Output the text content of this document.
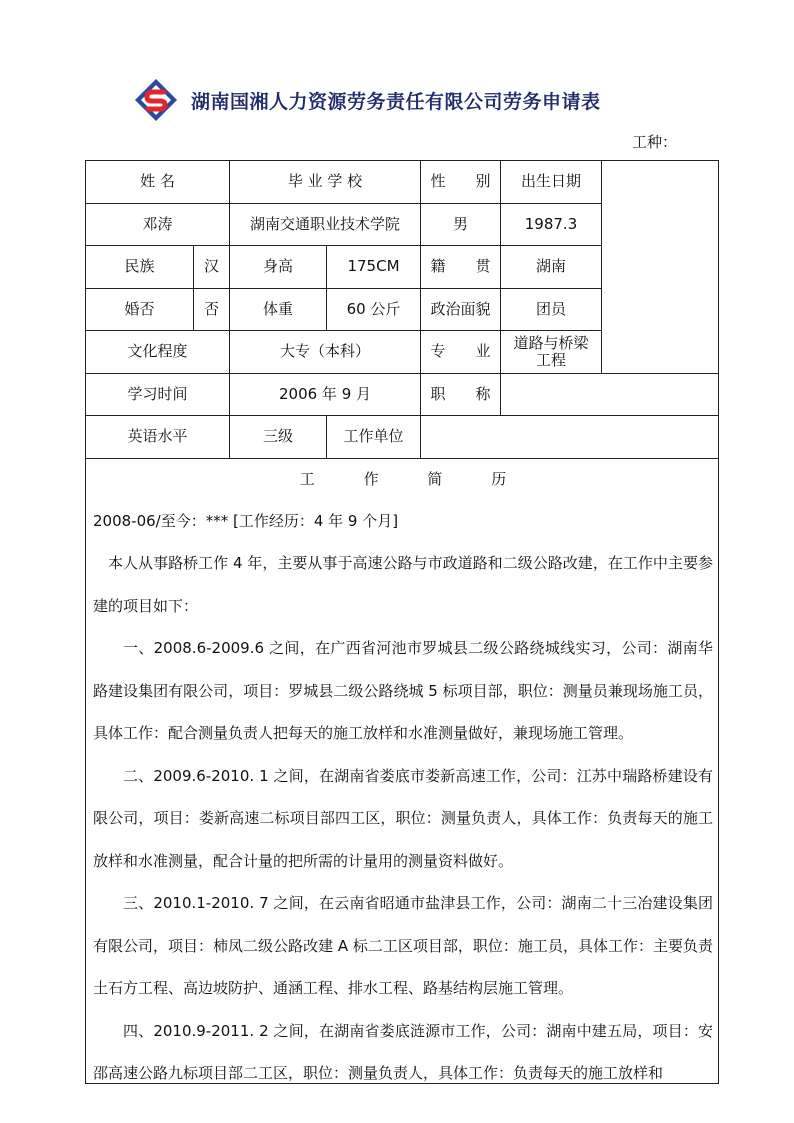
湖南国湘人力资源劳务责任有限公司劳务申请表
工种：
姓 名		毕 业 学 校		性　　别	出生日期	
邓涛		湖南交通职业技术学院		男	1987.3	
民族	汉	身高	175CM	籍　　贯	湖南	
婚否	否	体重	60 公斤	政治面貌	团员	
文化程度		大专（本科）		专　　业	道路与桥梁工程	
学习时间		2006 年 9 月		职　　称		
英语水平		三级	工作单位			
工	作	简	历
2008-06/至今：*** [工作经历：4 年 9 个月]

本人从事路桥工作 4 年，主要从事于高速公路与市政道路和二级公路改建，在工作中主要参建的项目如下：

一、2008.6-2009.6 之间，在广西省河池市罗城县二级公路绕城线实习，公司：湖南华路建设集团有限公司，项目：罗城县二级公路绕城 5 标项目部，职位：测量员兼现场施工员，具体工作：配合测量负责人把每天的施工放样和水准测量做好，兼现场施工管理。

二、2009.6-2010. 1 之间，在湖南省娄底市娄新高速工作，公司：江苏中瑞路桥建设有限公司，项目：娄新高速二标项目部四工区，职位：测量负责人，具体工作：负责每天的施工放样和水准测量，配合计量的把所需的计量用的测量资料做好。

三、2010.1-2010. 7 之间，在云南省昭通市盐津县工作，公司：湖南二十三冶建设集团有限公司，项目：柿凤二级公路改建 A 标二工区项目部，职位：施工员，具体工作：主要负责土石方工程、高边坡防护、通涵工程、排水工程、路基结构层施工管理。

四、2010.9-2011. 2 之间，在湖南省娄底涟源市工作，公司：湖南中建五局，项目：安邵高速公路九标项目部二工区，职位：测量负责人，具体工作：负责每天的施工放样和
